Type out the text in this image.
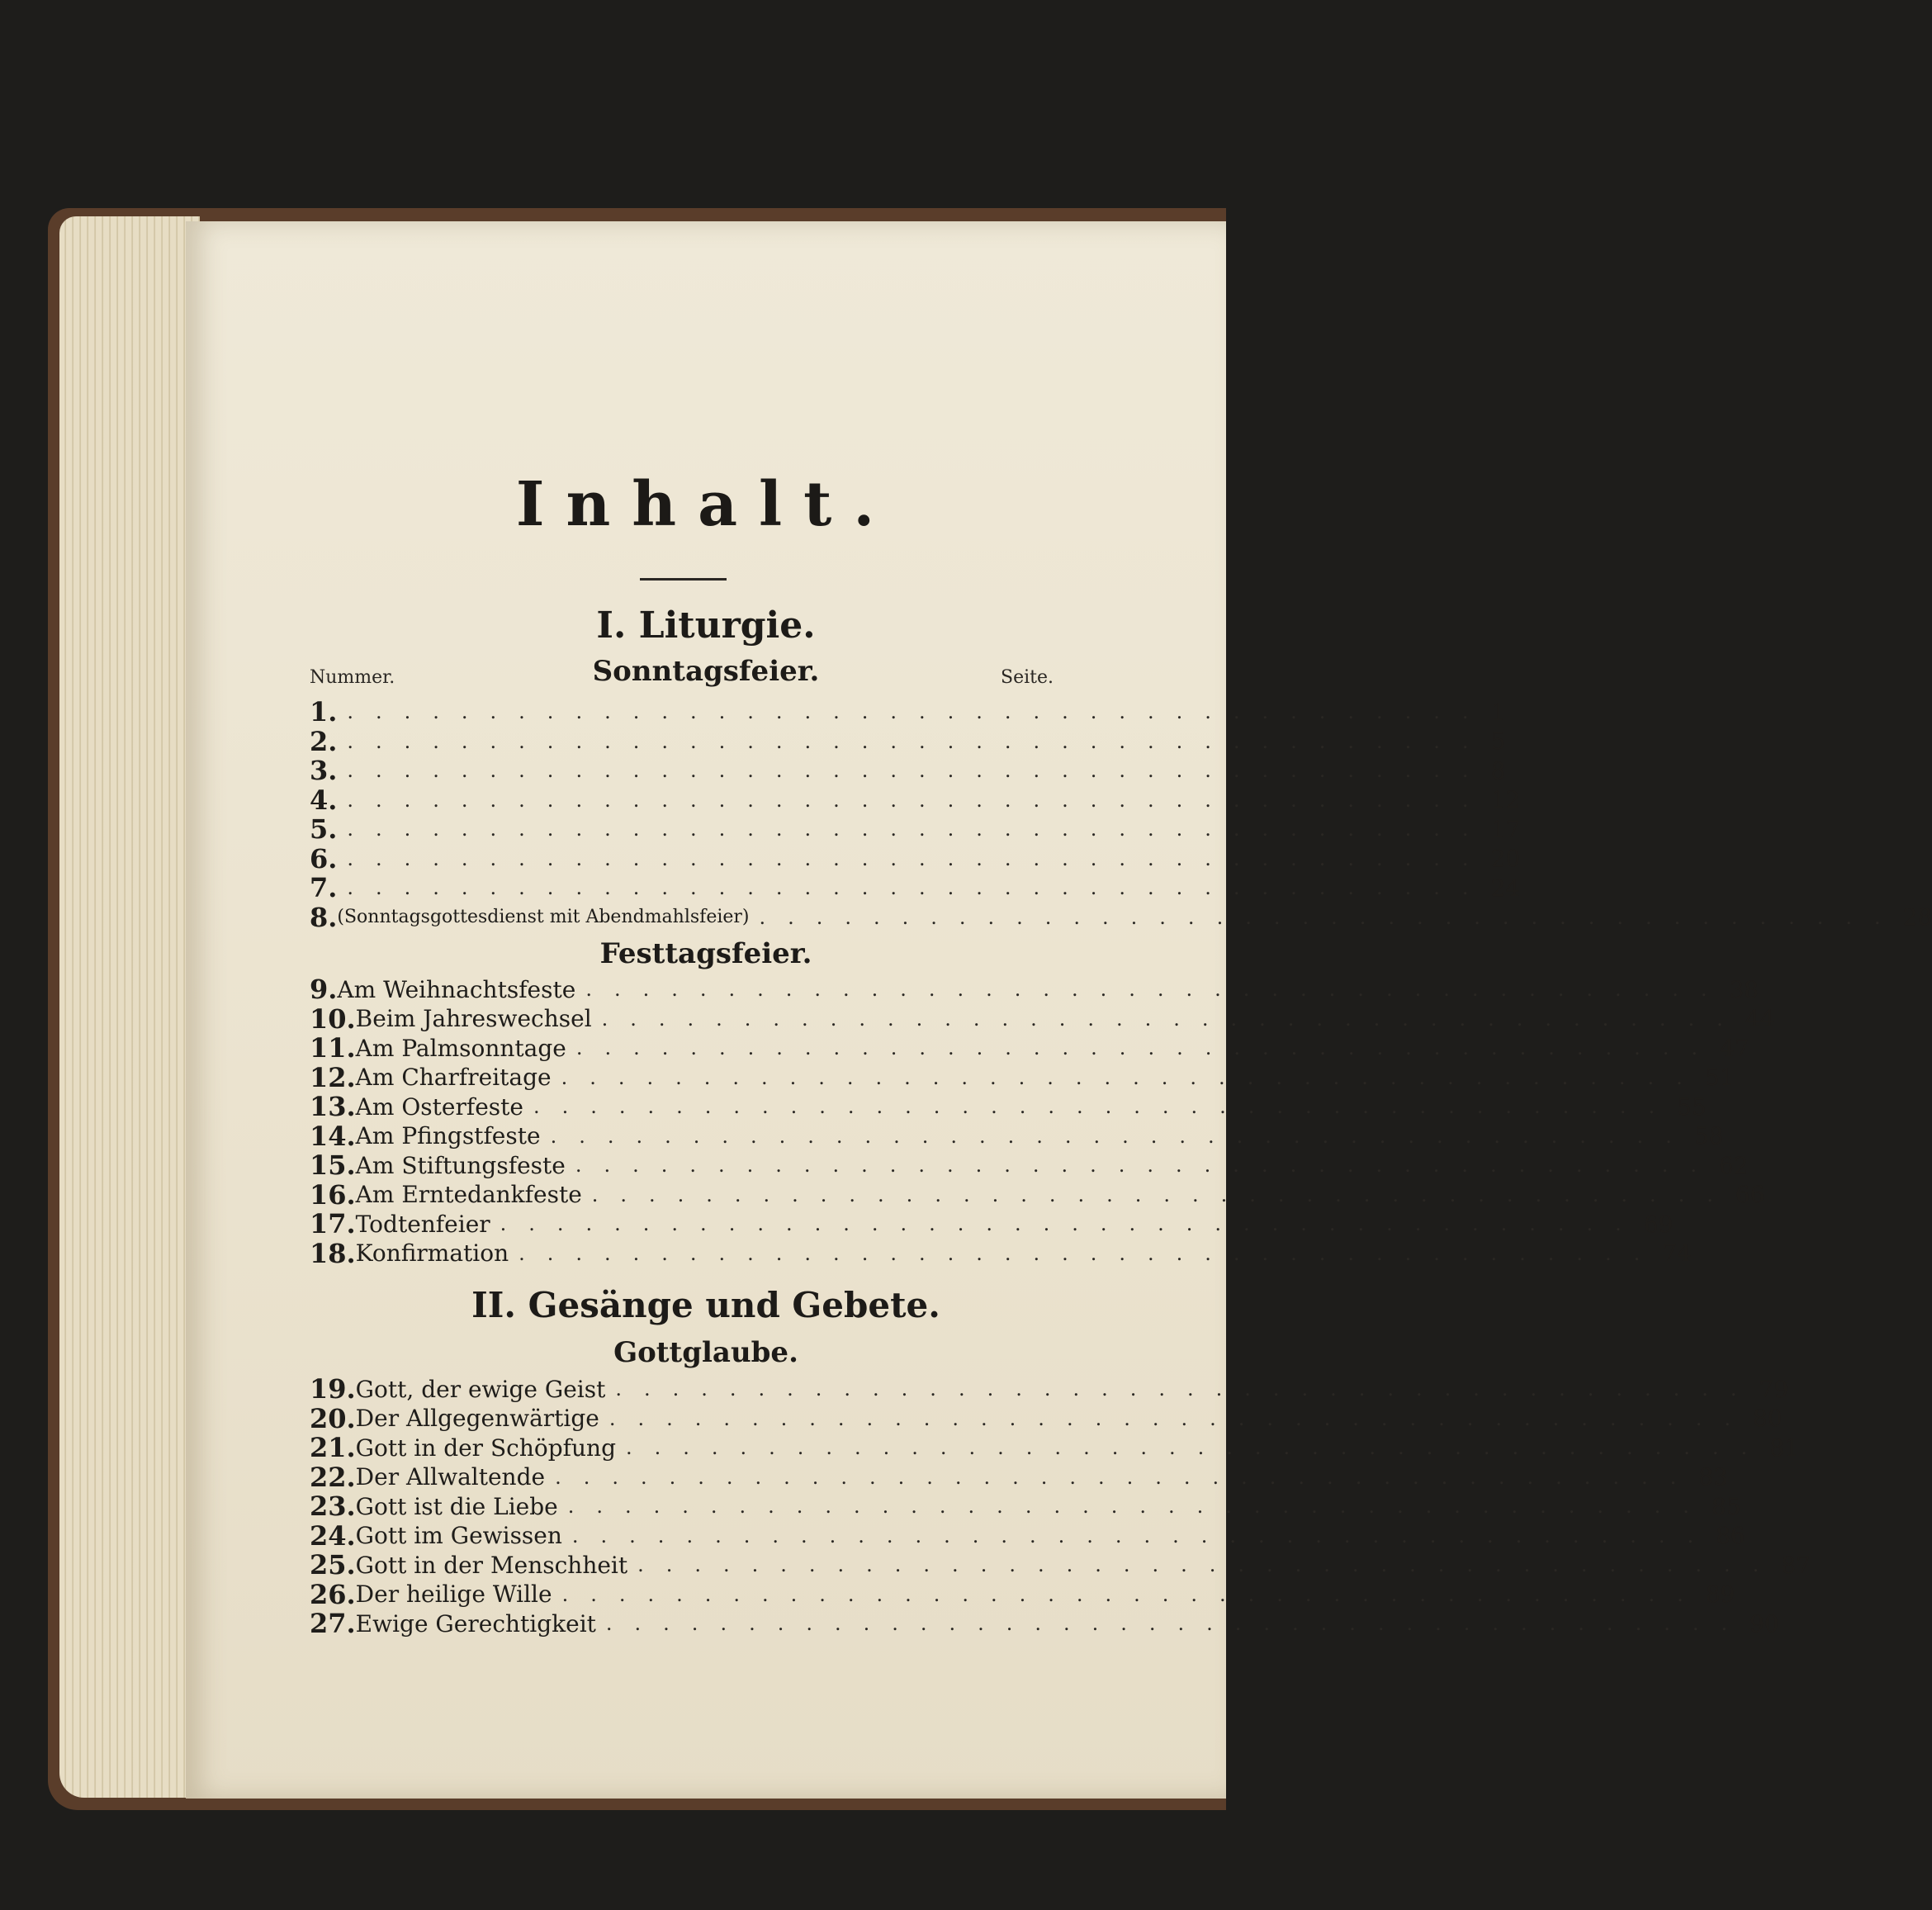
Inhalt.
I. Liturgie.
Nummer.	Sonntagsfeier.	Seite.
1. ........................................ 1
2. ........................................ 5
3. ........................................ 8
4. ........................................ 12
5. ........................................ 17
6. ........................................ 20
7. ........................................ 24
8. (Sonntagsgottesdienst mit Abendmahlsfeier) ........................................ 28
Festtagsfeier.
9. Am Weihnachtsfeste ........................................ 38
10. Beim Jahreswechsel ........................................ 44
11. Am Palmsonntage ........................................ 47
12. Am Charfreitage ........................................ 51
13. Am Osterfeste ........................................ 55
14. Am Pfingstfeste ........................................ 58
15. Am Stiftungsfeste ........................................ 62
16. Am Erntedankfeste ........................................ 66
17. Todtenfeier ........................................ 69
18. Konfirmation ........................................ 74
II. Gesänge und Gebete.
Gottglaube.
19. Gott, der ewige Geist ........................................ 79
20. Der Allgegenwärtige ........................................ 80
21. Gott in der Schöpfung ........................................ 81
22. Der Allwaltende ........................................ 83
23. Gott ist die Liebe ........................................ 85
24. Gott im Gewissen ........................................ 86
25. Gott in der Menschheit ........................................ 87
26. Der heilige Wille ........................................ 89
27. Ewige Gerechtigkeit ........................................ 90
